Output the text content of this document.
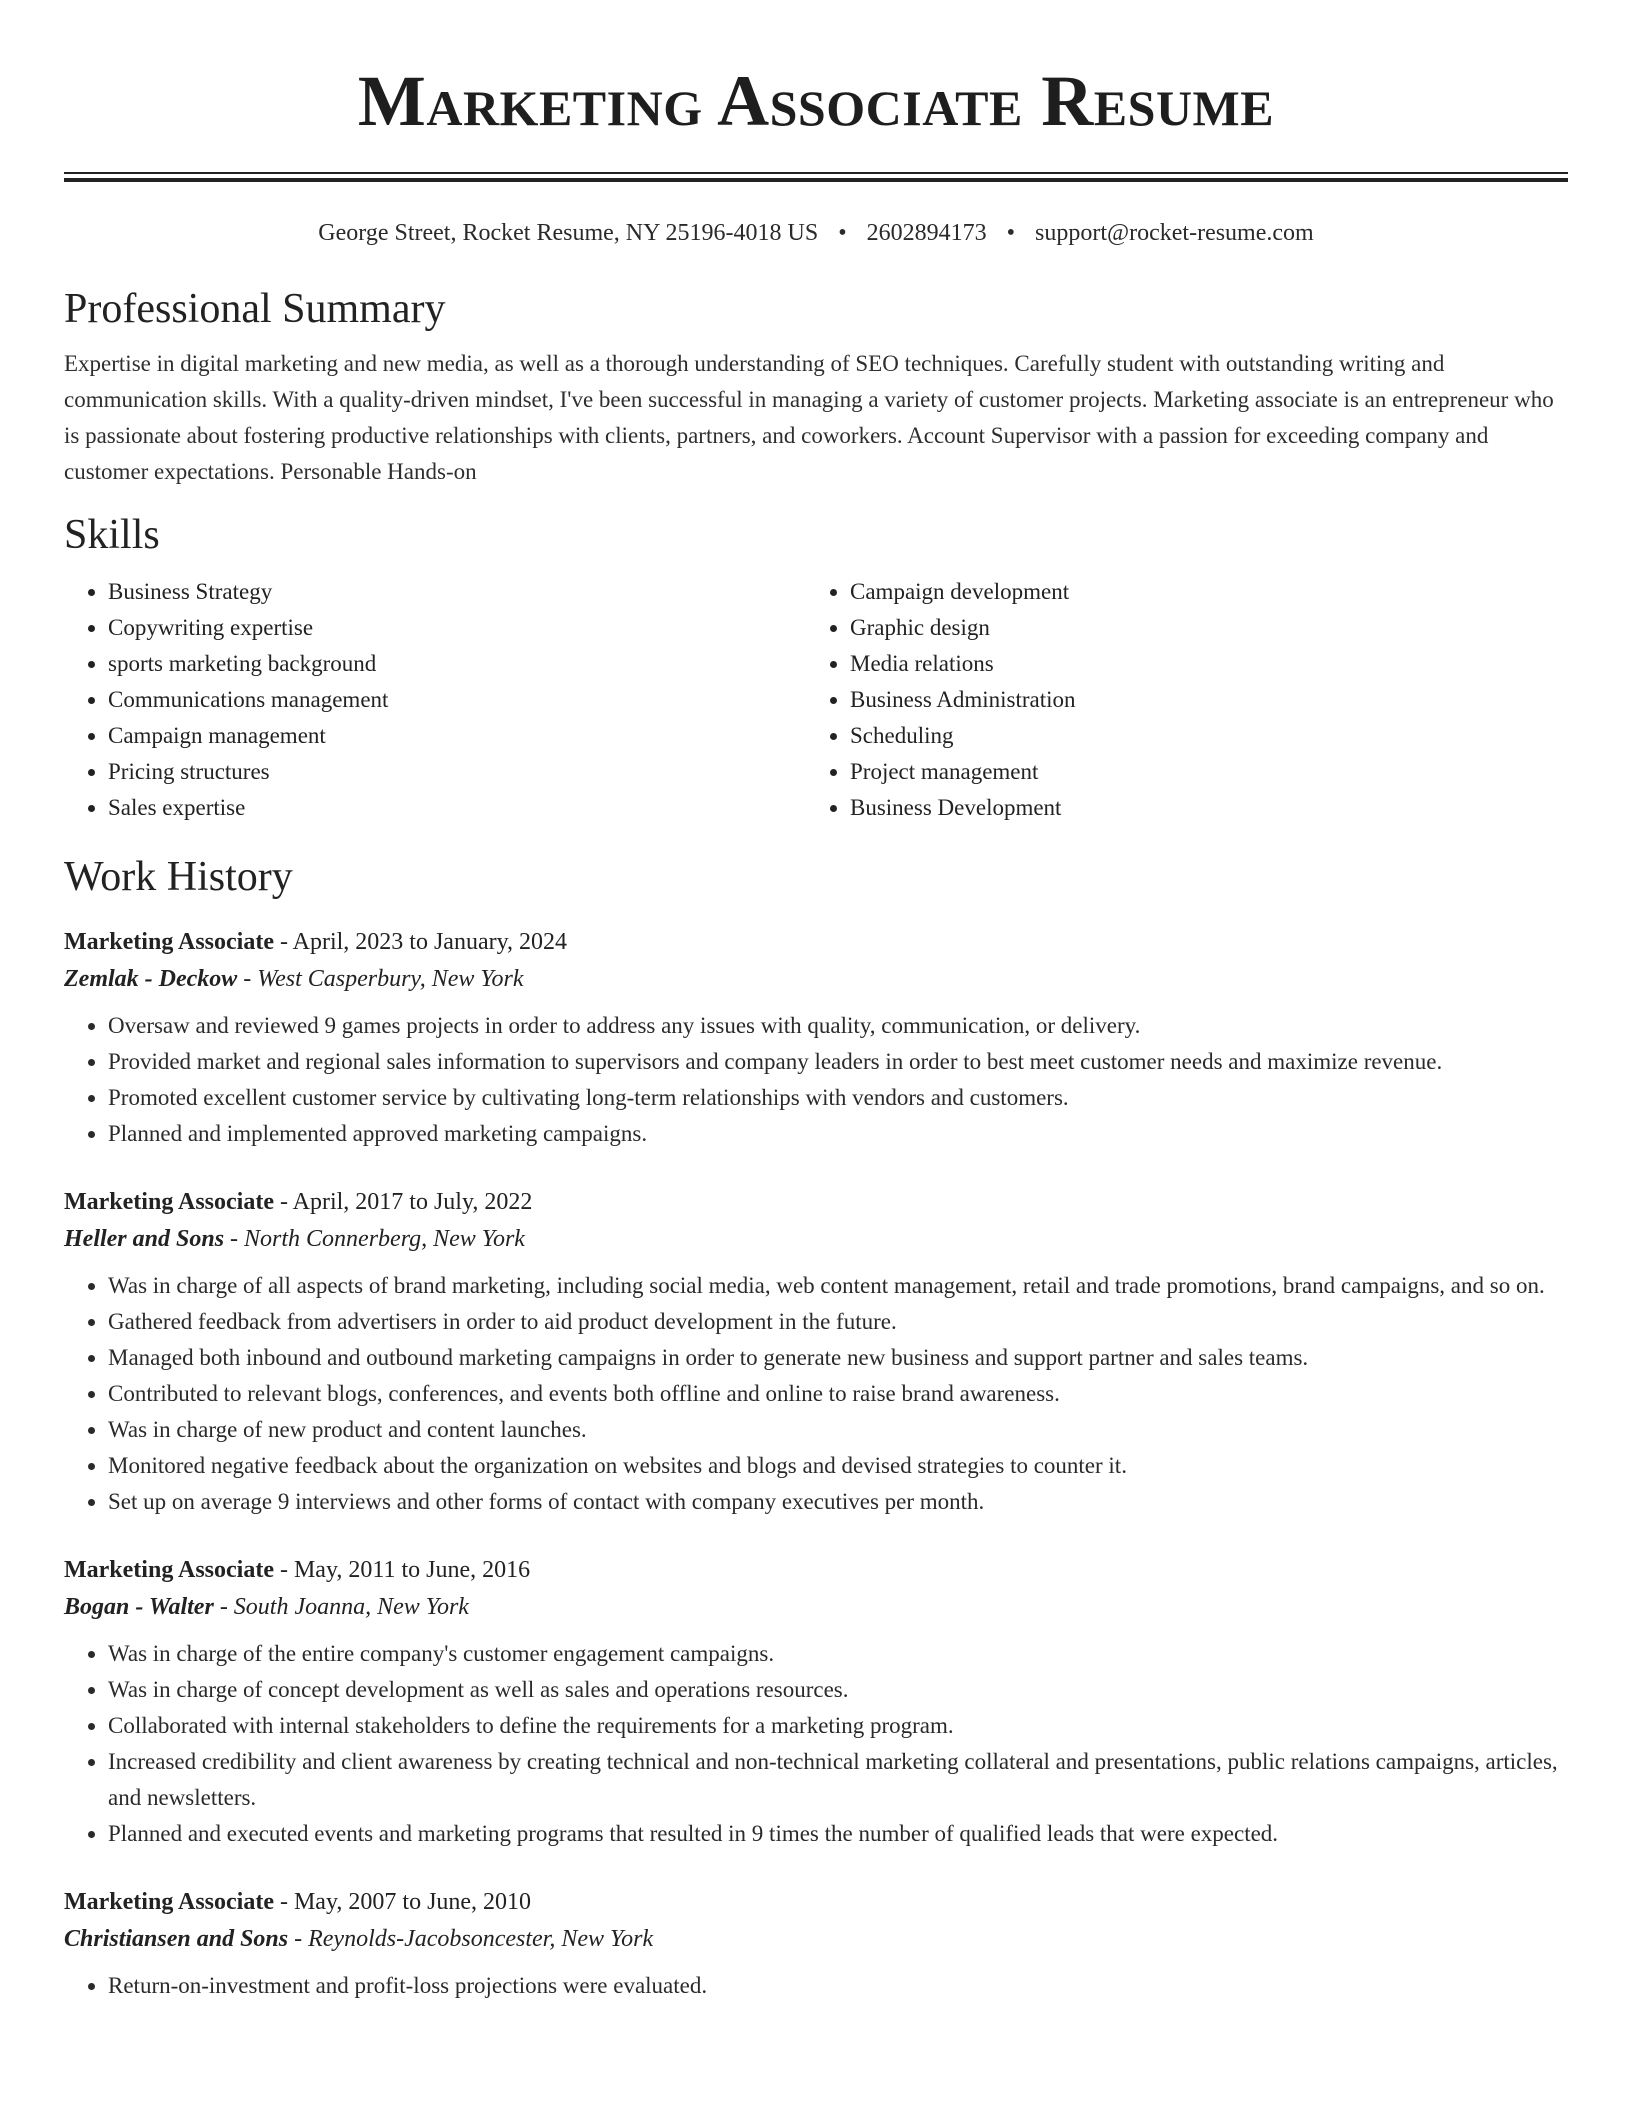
Marketing Associate Resume
George Street, Rocket Resume, NY 25196-4018 US • 2602894173 • support@rocket-resume.com
Professional Summary
Expertise in digital marketing and new media, as well as a thorough understanding of SEO techniques. Carefully student with outstanding writing and communication skills. With a quality-driven mindset, I've been successful in managing a variety of customer projects. Marketing associate is an entrepreneur who is passionate about fostering productive relationships with clients, partners, and coworkers. Account Supervisor with a passion for exceeding company and customer expectations. Personable Hands-on
Skills
• Business Strategy
• Copywriting expertise
• sports marketing background
• Communications management
• Campaign management
• Pricing structures
• Sales expertise
• Campaign development
• Graphic design
• Media relations
• Business Administration
• Scheduling
• Project management
• Business Development
Work History
Marketing Associate - April, 2023 to January, 2024
Zemlak - Deckow - West Casperbury, New York
• Oversaw and reviewed 9 games projects in order to address any issues with quality, communication, or delivery.
• Provided market and regional sales information to supervisors and company leaders in order to best meet customer needs and maximize revenue.
• Promoted excellent customer service by cultivating long-term relationships with vendors and customers.
• Planned and implemented approved marketing campaigns.
Marketing Associate - April, 2017 to July, 2022
Heller and Sons - North Connerberg, New York
• Was in charge of all aspects of brand marketing, including social media, web content management, retail and trade promotions, brand campaigns, and so on.
• Gathered feedback from advertisers in order to aid product development in the future.
• Managed both inbound and outbound marketing campaigns in order to generate new business and support partner and sales teams.
• Contributed to relevant blogs, conferences, and events both offline and online to raise brand awareness.
• Was in charge of new product and content launches.
• Monitored negative feedback about the organization on websites and blogs and devised strategies to counter it.
• Set up on average 9 interviews and other forms of contact with company executives per month.
Marketing Associate - May, 2011 to June, 2016
Bogan - Walter - South Joanna, New York
• Was in charge of the entire company's customer engagement campaigns.
• Was in charge of concept development as well as sales and operations resources.
• Collaborated with internal stakeholders to define the requirements for a marketing program.
• Increased credibility and client awareness by creating technical and non-technical marketing collateral and presentations, public relations campaigns, articles, and newsletters.
• Planned and executed events and marketing programs that resulted in 9 times the number of qualified leads that were expected.
Marketing Associate - May, 2007 to June, 2010
Christiansen and Sons - Reynolds-Jacobsoncester, New York
• Return-on-investment and profit-loss projections were evaluated.
